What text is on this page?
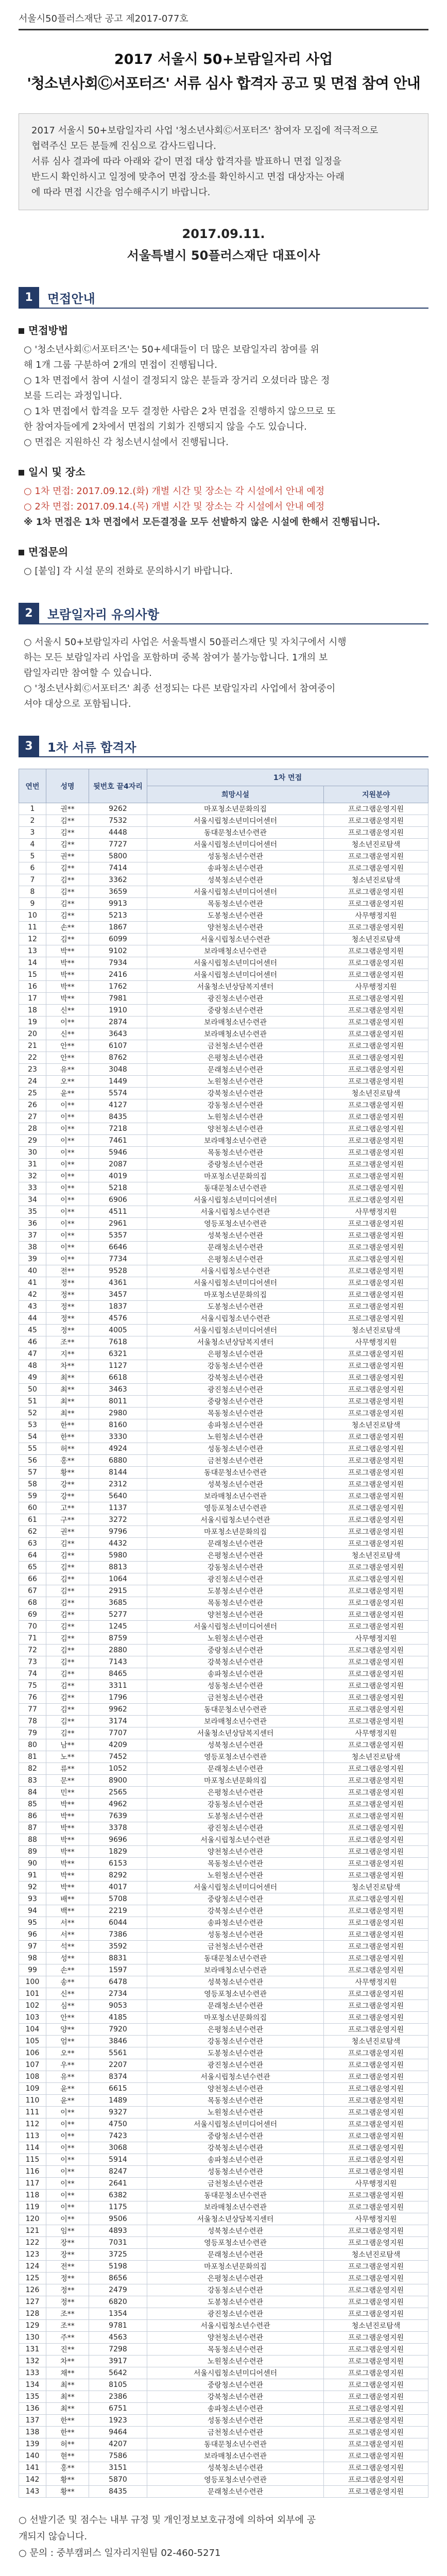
서울시50플러스재단 공고 제2017-077호
2017 서울시 50+보람일자리 사업
'청소년사회Ⓒ서포터즈' 서류 심사 합격자 공고 및 면접 참여 안내
2017 서울시 50+보람일자리 사업 '청소년사회Ⓒ서포터즈' 참여자 모집에 적극적으로
협력주신 모든 분들께 진심으로 감사드립니다.
서류 심사 결과에 따라 아래와 같이 면접 대상 합격자를 발표하니 면접 일정을
반드시 확인하시고 일정에 맞추어 면접 장소를 확인하시고 면접 대상자는 아래
에 따라 면접 시간을 엄수해주시기 바랍니다.
2017.09.11.
서울특별시 50플러스재단 대표이사
1	면접안내
면접방법
○ '청소년사회Ⓒ서포터즈'는 50+세대들이 더 많은 보람일자리 참여를 위
해 1개 그룹 구분하여 2개의 면접이 진행됩니다.
○ 1차 면접에서 참여 시설이 결정되지 않은 분들과 장거리 오셨더라 많은 정
보를 드리는 과정입니다.
○ 1차 면접에서 합격을 모두 결정한 사람은 2차 면접을 진행하지 않으므로 또
한 참여자들에게 2차에서 면접의 기회가 진행되지 않을 수도 있습니다.
○ 면접은 지원하신 각 청소년시설에서 진행됩니다.
일시 및 장소
○ 1차 면접: 2017.09.12.(화) 개별 시간 및 장소는 각 시설에서 안내 예정
○ 2차 면접: 2017.09.14.(목) 개별 시간 및 장소는 각 시설에서 안내 예정
※ 1차 면접은 1차 면접에서 모든결정을 모두 선발하지 않은 시설에 한해서 진행됩니다.
면접문의
○ [붙임] 각 시설 문의 전화로 문의하시기 바랍니다.
2	보람일자리 유의사항
○ 서울시 50+보람일자리 사업은 서울특별시 50플러스재단 및 자치구에서 시행
하는 모든 보람일자리 사업을 포함하며 중복 참여가 불가능합니다. 1개의 보
람일자리만 참여할 수 있습니다.
○ '청소년사회Ⓒ서포터즈' 최종 선정되는 다른 보람일자리 사업에서 참여중이
셔야 대상으로 포함됩니다.
3	1차 서류 합격자
연번	성명	뒷번호 끝4자리	1차 면접	
			희망시설	지원분야
1	권**	9262	마포청소년문화의집	프로그램운영지원
2	김**	7532	서울시립청소년미디어센터	프로그램운영지원
3	김**	4448	동대문청소년수련관	프로그램운영지원
4	김**	7727	서울시립청소년미디어센터	청소년진로탐색
5	권**	5800	성동청소년수련관	프로그램운영지원
6	김**	7414	송파청소년수련관	프로그램운영지원
7	김**	3362	성북청소년수련관	청소년진로탐색
8	김**	3659	서울시립청소년미디어센터	프로그램운영지원
9	김**	9913	목동청소년수련관	프로그램운영지원
10	김**	5213	도봉청소년수련관	사무행정지원
11	손**	1867	양천청소년수련관	프로그램운영지원
12	김**	6099	서울시립청소년수련관	청소년진로탐색
13	박**	9102	보라매청소년수련관	프로그램운영지원
14	박**	7934	서울시립청소년미디어센터	프로그램운영지원
15	박**	2416	서울시립청소년미디어센터	프로그램운영지원
16	박**	1762	서울청소년상담복지센터	사무행정지원
17	박**	7981	광진청소년수련관	프로그램운영지원
18	신**	1910	중랑청소년수련관	프로그램운영지원
19	이**	2874	보라매청소년수련관	프로그램운영지원
20	신**	3643	보라매청소년수련관	프로그램운영지원
21	안**	6107	금천청소년수련관	프로그램운영지원
22	안**	8762	은평청소년수련관	프로그램운영지원
23	유**	3048	문래청소년수련관	프로그램운영지원
24	오**	1449	노원청소년수련관	프로그램운영지원
25	윤**	5574	강북청소년수련관	청소년진로탐색
26	이**	4127	강동청소년수련관	프로그램운영지원
27	이**	8435	노원청소년수련관	프로그램운영지원
28	이**	7218	양천청소년수련관	프로그램운영지원
29	이**	7461	보라매청소년수련관	프로그램운영지원
30	이**	5946	목동청소년수련관	프로그램운영지원
31	이**	2087	중랑청소년수련관	프로그램운영지원
32	이**	4019	마포청소년문화의집	프로그램운영지원
33	이**	5218	동대문청소년수련관	프로그램운영지원
34	이**	6906	서울시립청소년미디어센터	프로그램운영지원
35	이**	4511	서울시립청소년수련관	사무행정지원
36	이**	2961	영등포청소년수련관	프로그램운영지원
37	이**	5357	성북청소년수련관	프로그램운영지원
38	이**	6646	문래청소년수련관	프로그램운영지원
39	이**	7734	은평청소년수련관	프로그램운영지원
40	전**	9528	서울시립청소년수련관	프로그램운영지원
41	정**	4361	서울시립청소년미디어센터	프로그램운영지원
42	정**	3457	마포청소년문화의집	프로그램운영지원
43	정**	1837	도봉청소년수련관	프로그램운영지원
44	정**	4576	서울시립청소년수련관	프로그램운영지원
45	정**	4005	서울시립청소년미디어센터	청소년진로탐색
46	조**	7618	서울청소년상담복지센터	사무행정지원
47	지**	6321	은평청소년수련관	프로그램운영지원
48	차**	1127	강동청소년수련관	프로그램운영지원
49	최**	6618	강북청소년수련관	프로그램운영지원
50	최**	3463	광진청소년수련관	프로그램운영지원
51	최**	8011	중랑청소년수련관	프로그램운영지원
52	최**	2980	목동청소년수련관	프로그램운영지원
53	한**	8160	송파청소년수련관	청소년진로탐색
54	한**	3330	노원청소년수련관	프로그램운영지원
55	허**	4924	성동청소년수련관	프로그램운영지원
56	홍**	6880	금천청소년수련관	프로그램운영지원
57	황**	8144	동대문청소년수련관	프로그램운영지원
58	강**	2312	성북청소년수련관	프로그램운영지원
59	강**	5640	보라매청소년수련관	프로그램운영지원
60	고**	1137	영등포청소년수련관	프로그램운영지원
61	구**	3272	서울시립청소년수련관	프로그램운영지원
62	권**	9796	마포청소년문화의집	프로그램운영지원
63	김**	4432	문래청소년수련관	프로그램운영지원
64	김**	5980	은평청소년수련관	청소년진로탐색
65	김**	8813	강동청소년수련관	프로그램운영지원
66	김**	1064	광진청소년수련관	프로그램운영지원
67	김**	2915	도봉청소년수련관	프로그램운영지원
68	김**	3685	목동청소년수련관	프로그램운영지원
69	김**	5277	양천청소년수련관	프로그램운영지원
70	김**	1245	서울시립청소년미디어센터	프로그램운영지원
71	김**	8759	노원청소년수련관	사무행정지원
72	김**	2880	중랑청소년수련관	프로그램운영지원
73	김**	7143	강북청소년수련관	프로그램운영지원
74	김**	8465	송파청소년수련관	프로그램운영지원
75	김**	3311	성동청소년수련관	프로그램운영지원
76	김**	1796	금천청소년수련관	프로그램운영지원
77	김**	9962	동대문청소년수련관	프로그램운영지원
78	김**	3174	보라매청소년수련관	프로그램운영지원
79	김**	7707	서울청소년상담복지센터	사무행정지원
80	남**	4209	성북청소년수련관	프로그램운영지원
81	노**	7452	영등포청소년수련관	청소년진로탐색
82	류**	1052	문래청소년수련관	프로그램운영지원
83	문**	8900	마포청소년문화의집	프로그램운영지원
84	민**	2565	은평청소년수련관	프로그램운영지원
85	박**	4962	강동청소년수련관	프로그램운영지원
86	박**	7639	도봉청소년수련관	프로그램운영지원
87	박**	3378	광진청소년수련관	프로그램운영지원
88	박**	9696	서울시립청소년수련관	프로그램운영지원
89	박**	1829	양천청소년수련관	프로그램운영지원
90	박**	6153	목동청소년수련관	프로그램운영지원
91	박**	8292	노원청소년수련관	프로그램운영지원
92	박**	4017	서울시립청소년미디어센터	청소년진로탐색
93	배**	5708	중랑청소년수련관	프로그램운영지원
94	백**	2219	강북청소년수련관	프로그램운영지원
95	서**	6044	송파청소년수련관	프로그램운영지원
96	서**	7386	성동청소년수련관	프로그램운영지원
97	석**	3592	금천청소년수련관	프로그램운영지원
98	성**	8831	동대문청소년수련관	프로그램운영지원
99	손**	1597	보라매청소년수련관	프로그램운영지원
100	송**	6478	성북청소년수련관	사무행정지원
101	신**	2734	영등포청소년수련관	프로그램운영지원
102	심**	9053	문래청소년수련관	프로그램운영지원
103	안**	4185	마포청소년문화의집	프로그램운영지원
104	양**	7920	은평청소년수련관	프로그램운영지원
105	엄**	3846	강동청소년수련관	청소년진로탐색
106	오**	5561	도봉청소년수련관	프로그램운영지원
107	우**	2207	광진청소년수련관	프로그램운영지원
108	유**	8374	서울시립청소년수련관	프로그램운영지원
109	윤**	6615	양천청소년수련관	프로그램운영지원
110	윤**	1489	목동청소년수련관	프로그램운영지원
111	이**	9327	노원청소년수련관	프로그램운영지원
112	이**	4750	서울시립청소년미디어센터	프로그램운영지원
113	이**	7423	중랑청소년수련관	프로그램운영지원
114	이**	3068	강북청소년수련관	프로그램운영지원
115	이**	5914	송파청소년수련관	프로그램운영지원
116	이**	8247	성동청소년수련관	프로그램운영지원
117	이**	2641	금천청소년수련관	사무행정지원
118	이**	6382	동대문청소년수련관	프로그램운영지원
119	이**	1175	보라매청소년수련관	프로그램운영지원
120	이**	9506	서울청소년상담복지센터	사무행정지원
121	임**	4893	성북청소년수련관	프로그램운영지원
122	장**	7031	영등포청소년수련관	프로그램운영지원
123	장**	3725	문래청소년수련관	청소년진로탐색
124	전**	5198	마포청소년문화의집	프로그램운영지원
125	정**	8656	은평청소년수련관	프로그램운영지원
126	정**	2479	강동청소년수련관	프로그램운영지원
127	정**	6820	도봉청소년수련관	프로그램운영지원
128	조**	1354	광진청소년수련관	프로그램운영지원
129	조**	9781	서울시립청소년수련관	청소년진로탐색
130	주**	4563	양천청소년수련관	프로그램운영지원
131	진**	7298	목동청소년수련관	프로그램운영지원
132	차**	3917	노원청소년수련관	프로그램운영지원
133	채**	5642	서울시립청소년미디어센터	프로그램운영지원
134	최**	8105	중랑청소년수련관	프로그램운영지원
135	최**	2386	강북청소년수련관	프로그램운영지원
136	최**	6751	송파청소년수련관	프로그램운영지원
137	한**	1923	성동청소년수련관	프로그램운영지원
138	한**	9464	금천청소년수련관	프로그램운영지원
139	허**	4207	동대문청소년수련관	프로그램운영지원
140	현**	7586	보라매청소년수련관	프로그램운영지원
141	홍**	3151	성북청소년수련관	프로그램운영지원
142	황**	5870	영등포청소년수련관	프로그램운영지원
143	황**	8435	문래청소년수련관	프로그램운영지원
○ 선발기준 및 점수는 내부 규정 및 개인정보보호규정에 의하여 외부에 공
개되지 않습니다.
○ 문의 : 중부캠퍼스 일자리지원팀 02-460-5271
